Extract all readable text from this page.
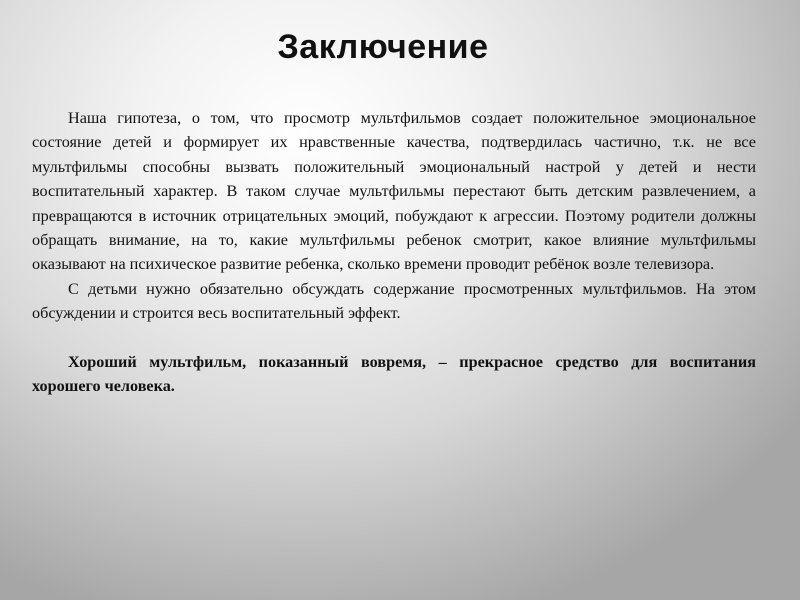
Заключение

Наша гипотеза, о том, что просмотр мультфильмов создает положительное эмоциональное состояние детей и формирует их нравственные качества, подтвердилась частично, т.к. не все мультфильмы способны вызвать положительный эмоциональный настрой у детей и нести воспитательный характер. В таком случае мультфильмы перестают быть детским развлечением, а превращаются в источник отрицательных эмоций, побуждают к агрессии. Поэтому родители должны обращать внимание, на то, какие мультфильмы ребенок смотрит, какое влияние мультфильмы оказывают на психическое развитие ребенка, сколько времени проводит ребёнок возле телевизора.

С детьми нужно обязательно обсуждать содержание просмотренных мультфильмов. На этом обсуждении и строится весь воспитательный эффект.

Хороший мультфильм, показанный вовремя, – прекрасное средство для воспитания хорошего человека.
